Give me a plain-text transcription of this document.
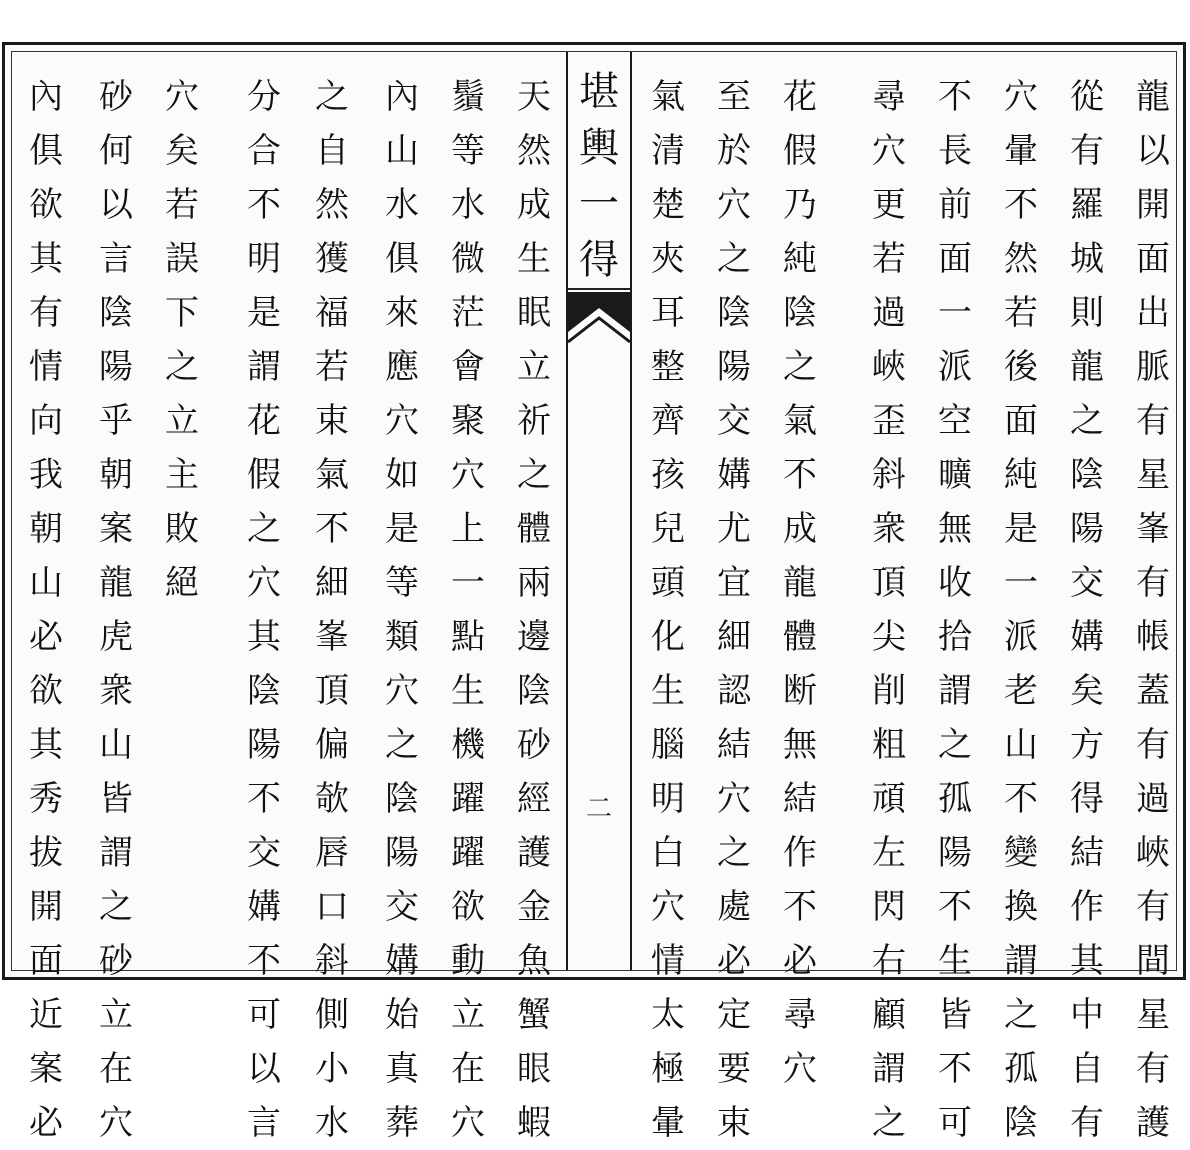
堪
輿
一
得
二
龍
以
開
面
出
脈
有
星
峯
有
帳
蓋
有
過
峽
有
間
星
有
護
從
有
羅
城
則
龍
之
陰
陽
交
媾
矣
方
得
結
作
其
中
自
有
穴
暈
不
然
若
後
面
純
是
一
派
老
山
不
變
換
謂
之
孤
陰
不
長
前
面
一
派
空
曠
無
收
拾
謂
之
孤
陽
不
生
皆
不
可
尋
穴
更
若
過
峽
歪
斜
衆
頂
尖
削
粗
頑
左
閃
右
顧
謂
之
花
假
乃
純
陰
之
氣
不
成
龍
體
断
無
結
作
不
必
尋
穴
至
於
穴
之
陰
陽
交
媾
尤
宜
細
認
結
穴
之
處
必
定
要
束
氣
清
楚
夾
耳
整
齊
孩
兒
頭
化
生
腦
明
白
穴
情
太
極
暈
天
然
成
生
眠
立
祈
之
體
兩
邊
陰
砂
經
護
金
魚
蟹
眼
蝦
鬚
等
水
微
茫
會
聚
穴
上
一
點
生
機
躍
躍
欲
動
立
在
穴
內
山
水
俱
來
應
穴
如
是
等
類
穴
之
陰
陽
交
媾
始
真
葬
之
自
然
獲
福
若
束
氣
不
細
峯
頂
偏
欹
唇
口
斜
側
小
水
分
合
不
明
是
謂
花
假
之
穴
其
陰
陽
不
交
媾
不
可
以
言
穴
矣
若
誤
下
之
立
主
敗
絕
砂
何
以
言
陰
陽
乎
朝
案
龍
虎
衆
山
皆
謂
之
砂
立
在
穴
內
俱
欲
其
有
情
向
我
朝
山
必
欲
其
秀
拔
開
面
近
案
必
